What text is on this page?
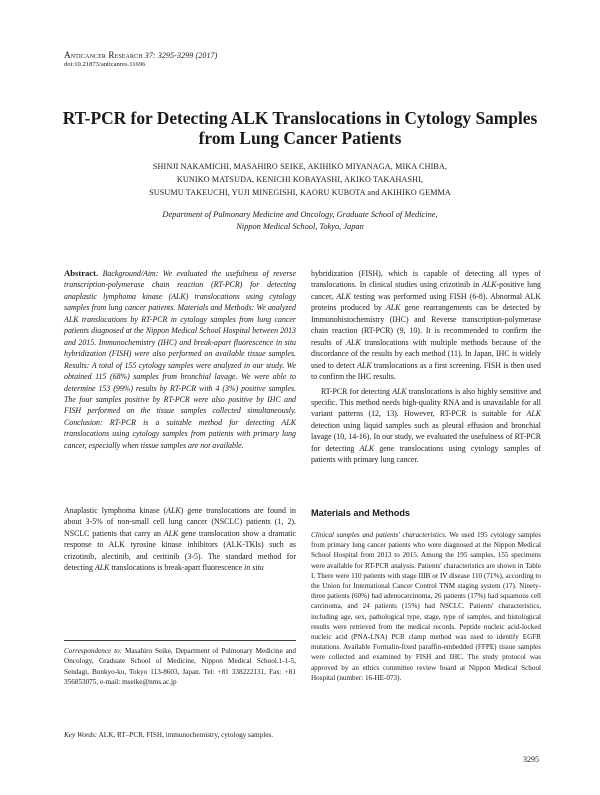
Anticancer Research 37: 3295-3299 (2017)
doi:10.21873/anticanres.11696
RT-PCR for Detecting ALK Translocations in Cytology Samples from Lung Cancer Patients
SHINJI NAKAMICHI, MASAHIRO SEIKE, AKIHIKO MIYANAGA, MIKA CHIBA,
KUNIKO MATSUDA, KENICHI KOBAYASHI, AKIKO TAKAHASHI,
SUSUMU TAKEUCHI, YUJI MINEGISHI, KAORU KUBOTA and AKIHIKO GEMMA
Department of Pulmonary Medicine and Oncology, Graduate School of Medicine,
Nippon Medical School, Tokyo, Japan

Abstract. Background/Aim: We evaluated the usefulness of reverse transcription-polymerase chain reaction (RT-PCR) for detecting anaplastic lymphoma kinase (ALK) translocations using cytology samples from lung cancer patients. Materials and Methods: We analyzed ALK translocations by RT-PCR in cytology samples from lung cancer patients diagnosed at the Nippon Medical School Hospital between 2013 and 2015. Immunochemistry (IHC) and break-apart fluorescence in situ hybridization (FISH) were also performed on available tissue samples. Results: A total of 155 cytology samples were analyzed in our study. We obtained 115 (68%) samples from bronchial lavage. We were able to determine 153 (99%) results by RT-PCR with 4 (3%) positive samples. The four samples positive by RT-PCR were also positive by IHC and FISH performed on the tissue samples collected simultaneously. Conclusion: RT-PCR is a suitable method for detecting ALK translocations using cytology samples from patients with primary lung cancer, especially when tissue samples are not available.

Anaplastic lymphoma kinase (ALK) gene translocations are found in about 3-5% of non-small cell lung cancer (NSCLC) patients (1, 2). NSCLC patients that carry an ALK gene translocation show a dramatic response to ALK tyrosine kinase inhibitors (ALK-TKIs) such as crizotinib, alectinib, and ceritinib (3-5). The standard method for detecting ALK translocations is break-apart fluorescence in situ

Correspondence to: Masahiro Seike, Department of Pulmonary Medicine and Oncology, Graduate School of Medicine, Nippon Medical School.1-1-5, Sendagi, Bunkyo-ku, Tokyo 113-8603, Japan. Tel: +81 338222131, Fax: +81 356853075, e-mail: mseike@nms.ac.jp
Key Words: ALK, RT–PCR, FISH, immunochemistry, cytology samples.

hybridization (FISH), which is capable of detecting all types of translocations. In clinical studies using crizotinib in ALK-positive lung cancer, ALK testing was performed using FISH (6-8). Abnormal ALK proteins produced by ALK gene rearrangements can be detected by Immunohistochemistry (IHC) and Reverse transcription-polymerase chain reaction (RT-PCR) (9, 10). It is recommended to confirm the results of ALK translocations with multiple methods because of the discordance of the results by each method (11). In Japan, IHC is widely used to detect ALK translocations as a first screening. FISH is then used to confirm the IHC results.

RT-PCR for detecting ALK translocations is also highly sensitive and specific. This method needs high-quality RNA and is unavailable for all variant patterns (12, 13). However, RT-PCR is suitable for ALK detection using liquid samples such as pleural effusion and bronchial lavage (10, 14-16). In our study, we evaluated the usefulness of RT-PCR for detecting ALK gene translocations using cytology samples of patients with primary lung cancer.

Materials and Methods

Clinical samples and patients' characteristics. We used 195 cytology samples from primary lung cancer patients who were diagnosed at the Nippon Medical School Hospital from 2013 to 2015. Among the 195 samples, 155 specimens were available for RT-PCR analysis. Patients' characteristics are shown in Table I. There were 110 patients with stage IIIB or IV disease 110 (71%), according to the Union for International Cancer Control TNM staging system (17). Ninety-three patients (60%) had adenocarcinoma, 26 patients (17%) had squamous cell carcinoma, and 24 patients (15%) had NSCLC. Patients' characteristics, including age, sex, pathological type, stage, type of samples, and histological results were retrieved from the medical records. Peptide nucleic acid-locked nucleic acid (PNA-LNA) PCR clamp method was used to identify EGFR mutations. Available Formalin-fixed paraffin-embedded (FFPE) tissue samples were collected and examined by FISH and IHC. The study protocol was approved by an ethics committee review board at Nippon Medical School Hospital (number: 16-HE-073).

3295
